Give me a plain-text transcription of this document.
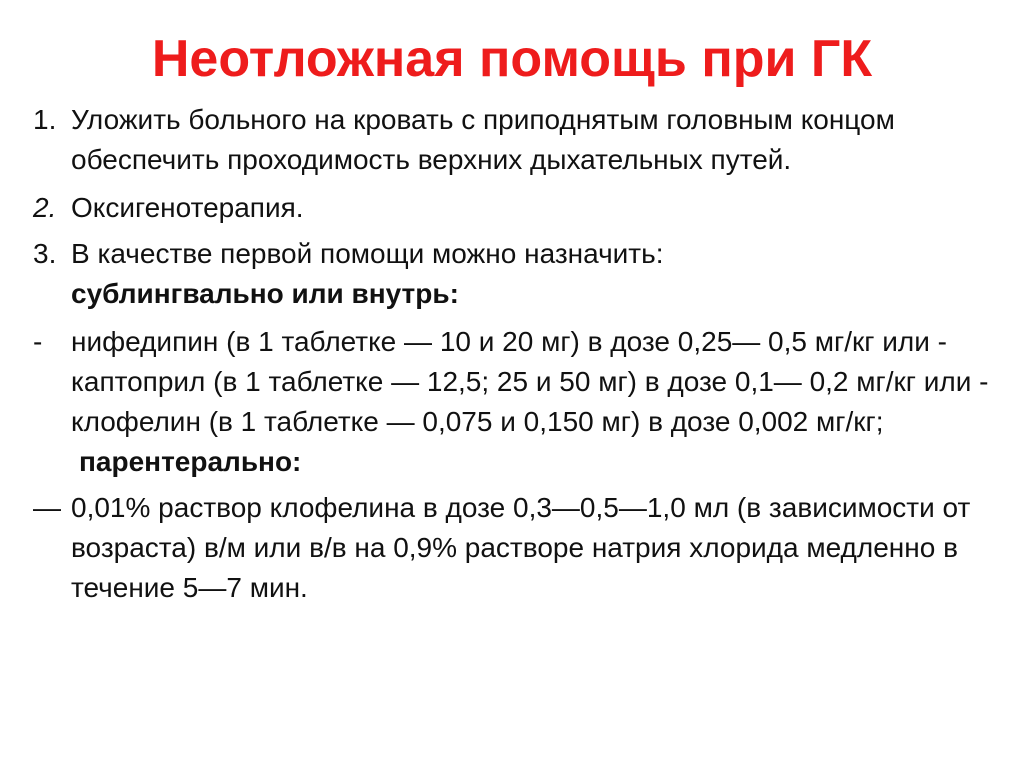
Неотложная помощь при ГК
1. Уложить больного на кровать с приподнятым головным концом обеспечить проходимость верхних дыхательных путей.
2. Оксигенотерапия.
3. В качестве первой помощи можно назначить:
сублингвально или внутрь:
- нифедипин (в 1 таблетке — 10 и 20 мг) в дозе 0,25— 0,5 мг/кг или - каптоприл (в 1 таблетке — 12,5; 25 и 50 мг) в дозе 0,1— 0,2 мг/кг или - клофелин (в 1 таблетке — 0,075 и 0,150 мг) в дозе 0,002 мг/кг;
парентерально:
— 0,01% раствор клофелина в дозе 0,3—0,5—1,0 мл (в зависимости от возраста) в/м или в/в на 0,9% растворе натрия хлорида медленно в течение 5—7 мин.
